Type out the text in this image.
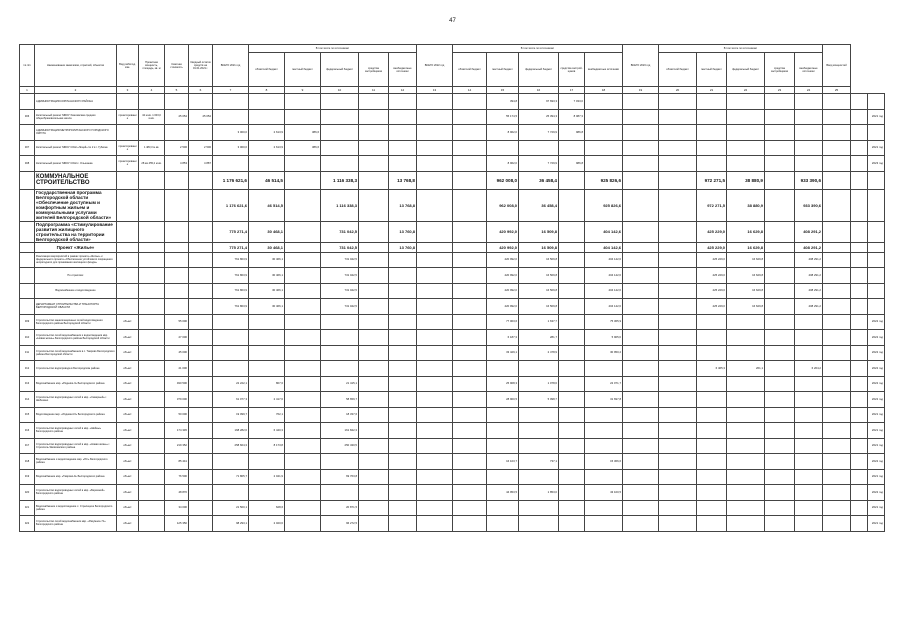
47
№ п/п	Наименование заказчиков, отраслей, объектов	Вид работ/ед. изм.	Проектная мощность, площадь, кв. м	Сметная стоимость	Сводный остаток средств на 01.01.2021 г.	ВСЕГО 2021 год	В том числе по источникам:					ВСЕГО 2022 год	В том числе по источникам:					ВСЕГО 2023 год	В том числе по источникам:					Ввод мощностей		
							областной бюджет	местный бюджет	федеральный бюджет	средства застройщиков	внебюджетные источники		областной бюджет	местный бюджет	федеральный бюджет	средства застрой-щиков	внебюджетные источники		областной бюджет	местный бюджет	федеральный бюджет	средства застройщиков	внебюджетные источники			
1	2	3	4	5	6	7	8	9	10	11	12	13	14	15	16	17	18	19	20	21	22	23	24	25		
	АДМИНИСТРАЦИЯ КОРОЧАНСКОГО РАЙОНА													394,8	97 693,3	7 033,0										
306	Капитальный ремонт МБОУ Хмелевская средняя общеобразовательная школа	проектирование	42 м.кв. 1 003,0 м.кв.	25 054	25 054									55 174,5	25 394,3	8 087,3										2021 год
	АДМИНИСТРАЦИЯ МЕТРОПОЛИТАНСКОГО ГОРОДСКОГО ОКРУГА					3 000,0	2 613,9	386,6						8 962,0	7 729,9	986,8										
307	Капитальный ремонт МБОУ СОШ «Лицей» № 2 в г. Губкине	проектирование	1 483,3 м.кв.	2 500	2 500	3 000,0	2 613,9	386,6																		2021 год
308	Капитальный ремонт МБОУ СОШ с. Ольшанка	проектирование	28 км 455,2 м.кв.	4 853	4 887									8 962,0	7 729,9	986,8										2023 год
	КОММУНАЛЬНОЕ СТРОИТЕЛЬСТВО					1 176 621,6	46 514,5		1 116 338,3		13 768,8			962 008,0	36 458,4		925 826,6			972 271,5	38 880,9		933 390,6			
	Государственная программа Белгородской области «Обеспечение доступным и комфортным жильем и коммунальными услугами жителей Белгородской области»					1 176 621,6	46 514,5		1 116 338,3		13 768,8			962 008,0	36 458,4		925 826,6			972 271,5	38 880,9		933 390,6			
	Подпрограмма «Стимулирование развития жилищного строительства на территории Белгородской области»					775 271,4	30 468,1		731 042,5		13 760,8			420 992,0	16 509,8		404 142,6			425 229,0	16 629,8		408 291,2			
	Проект «Жилье»					775 271,4	30 468,1		731 042,5		13 760,8			420 992,0	16 509,8		404 142,6			425 229,0	16 629,8		408 291,2			
	Реализация мероприятий в рамках проекта «Жилье» и федерального проекта «Обеспечение устойчивого сокращения непригодного для проживания жилищного фонда»					761 803,9	30 466,1		731 042,5					420 992,0	16 509,8		404 142,6			425 229,0	16 629,8		408 291,2			
	По отраслям:					761 803,9	30 466,1		731 042,5					420 992,0	16 509,8		404 142,6			425 229,0	16 629,8		408 291,2			
	Водоснабжение и водоотведение					761 803,9	30 466,1		731 042,5					420 992,0	16 509,8		404 142,6			425 229,0	16 629,8		408 291,2			
	ДЕПАРТАМЕНТ СТРОИТЕЛЬСТВА И ТРАНСПОРТА БЕЛГОРОДСКОЙ ОБЛАСТИ					761 803,9	30 466,1		731 042,5					420 992,0	16 509,8		404 142,6			425 229,0	16 629,8		408 291,2			
309	Строительство канализационных сетей водоотведения Белгородского района Белгородской области	объект		55 000										77 003,6	1 637,7		75 365,9									2022 год
310	Строительство сетей водоснабжения и водоотведения мкр. «Новая жизнь» Белгородского района Белгородской области	объект		27 000										6 187,3	281,7		5 905,6									2022 год
311	Строительство сетей водоснабжения в с. Таврово Белгородского района Белгородской области	объект		45 000										33 429,1	2 478,9		30 950,2									2022 год
312	Строительство водопровода в Белгородском районе	объект		21 000																6 465,3	261,1		6 204,2			2022 год
313	Водоснабжение мкр. «Родники-II» Белгородского района	объект		490 500		22 222,1	807,0		21 415,1					25 908,3	1 078,6		22 071,7									2022 год
314	Строительство водопроводных сетей в мкр. «Северный» г. Шебекино	объект		379 000		61 077,3	2 417,6		58 659,7					28 900,5	5 098,7		31 697,8									2022 год
315	Водоотведение мкр. «Родники-III» Белгородского района	объект		50 000		19 099,7	762,1		18 337,6																	2021 год
316	Строительство водопроводных сетей в мкр. «Шейны» Белгородского района	объект		174 345		168 282,6	6 440,3		161 842,3																	2021 год
317	Строительство водопроводных сетей в мкр. «Новая жизнь» г. Строитель Яковлевского района	объект		219 352		258 604,3	8 173,8		250 430,5																	2021 год
318	Водоснабжение и водоотведение мкр. «Юг» Белгородского района	объект		85 441										16 103,7	737,1		15 366,6									2022 год
319	Водоснабжение мкр. «Таврово-9» Белгородского района	объект		76 500		71 805,7	2 041,9		69 763,8																	2021 год
320	Строительство водопроводных сетей в мкр. «Бережной» Белгородского района	объект		48 870										44 953,5	1 853,0		43 100,5									2022 год
321	Водоснабжение и водоотведение с. Стрелецкое Белгородского района	объект		34 000		21 500,1	628,6		20 871,5																	2021 год
322	Строительство сетей водоснабжения мкр. «Разумное-71» Белгородского района	объект		125 350		98 293,1	2 020,6		96 272,5																	2021 год
